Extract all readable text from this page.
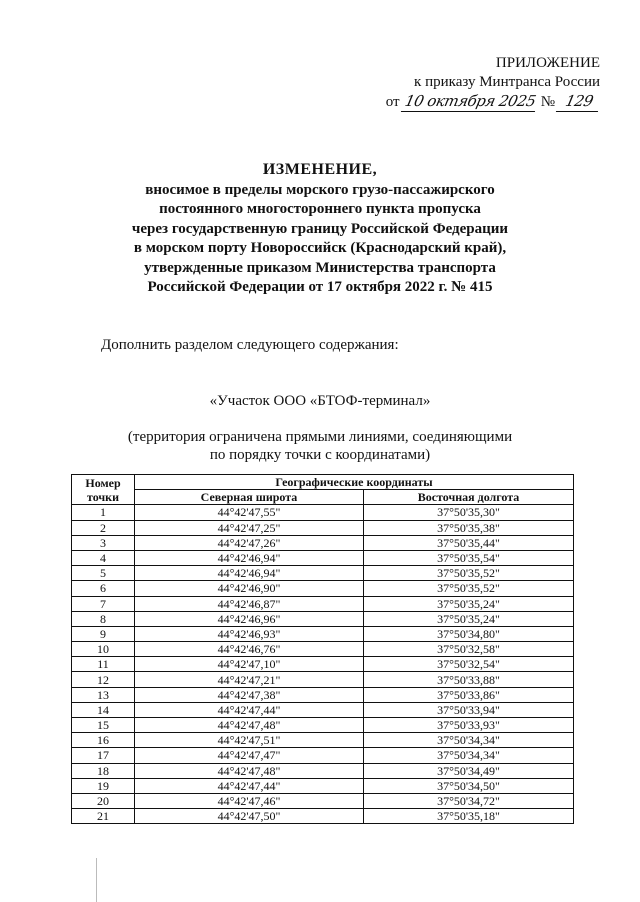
ПРИЛОЖЕНИЕ
к приказу Минтранса России
от 10 октября 2025 № 129
ИЗМЕНЕНИЕ,
вносимое в пределы морского грузо-пассажирского
постоянного многостороннего пункта пропуска
через государственную границу Российской Федерации
в морском порту Новороссийск (Краснодарский край),
утвержденные приказом Министерства транспорта
Российской Федерации от 17 октября 2022 г. № 415
Дополнить разделом следующего содержания:
«Участок ООО «БТОФ-терминал»
(территория ограничена прямыми линиями, соединяющими
по порядку точки с координатами)
Номер
точки	Географические координаты	
	Северная широта	Восточная долгота
1	44°42'47,55"	37°50'35,30"
2	44°42'47,25"	37°50'35,38"
3	44°42'47,26"	37°50'35,44"
4	44°42'46,94"	37°50'35,54"
5	44°42'46,94"	37°50'35,52"
6	44°42'46,90"	37°50'35,52"
7	44°42'46,87"	37°50'35,24"
8	44°42'46,96"	37°50'35,24"
9	44°42'46,93"	37°50'34,80"
10	44°42'46,76"	37°50'32,58"
11	44°42'47,10"	37°50'32,54"
12	44°42'47,21"	37°50'33,88"
13	44°42'47,38"	37°50'33,86"
14	44°42'47,44"	37°50'33,94"
15	44°42'47,48"	37°50'33,93"
16	44°42'47,51"	37°50'34,34"
17	44°42'47,47"	37°50'34,34"
18	44°42'47,48"	37°50'34,49"
19	44°42'47,44"	37°50'34,50"
20	44°42'47,46"	37°50'34,72"
21	44°42'47,50"	37°50'35,18"
